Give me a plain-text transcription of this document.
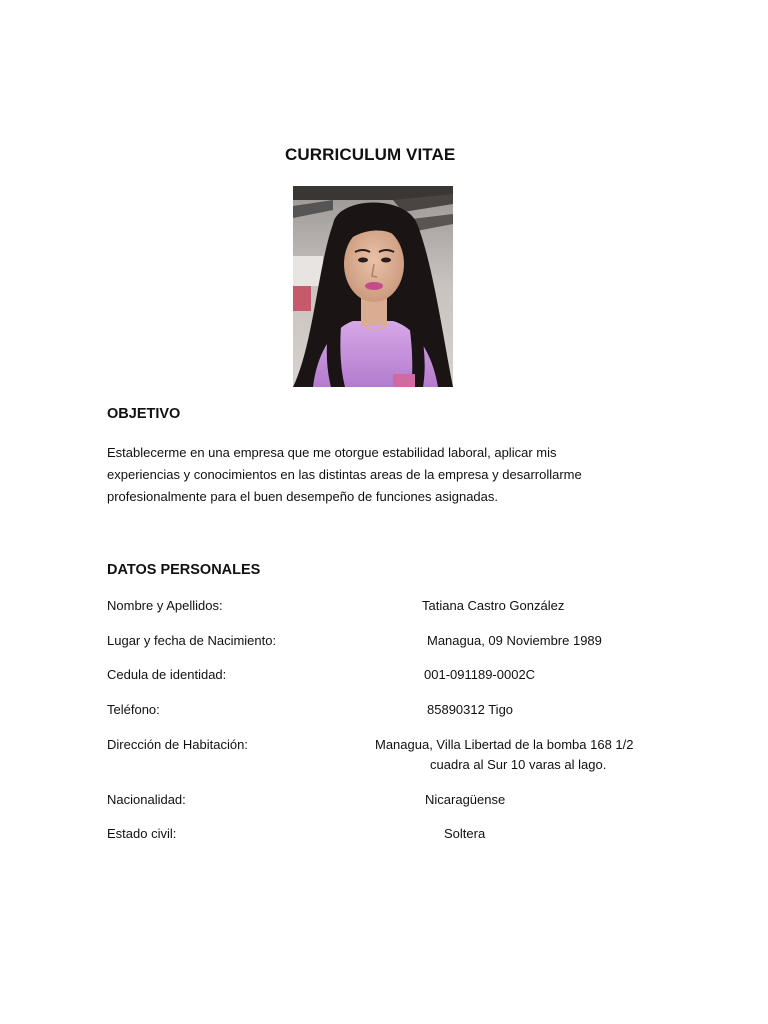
CURRICULUM VITAE
OBJETIVO
Establecerme en una empresa que me otorgue estabilidad laboral, aplicar mis
experiencias y conocimientos en las distintas areas de la empresa y desarrollarme
profesionalmente para el buen desempeño de funciones asignadas.
DATOS PERSONALES
Nombre y Apellidos:	Tatiana Castro González
Lugar y fecha de Nacimiento:	Managua, 09 Noviembre 1989
Cedula de identidad:	001-091189-0002C
Teléfono:	85890312 Tigo
Dirección de Habitación:	Managua, Villa Libertad de la bomba 168 1/2
cuadra al Sur 10 varas al lago.
Nacionalidad:	Nicaragüense
Estado civil:	Soltera
